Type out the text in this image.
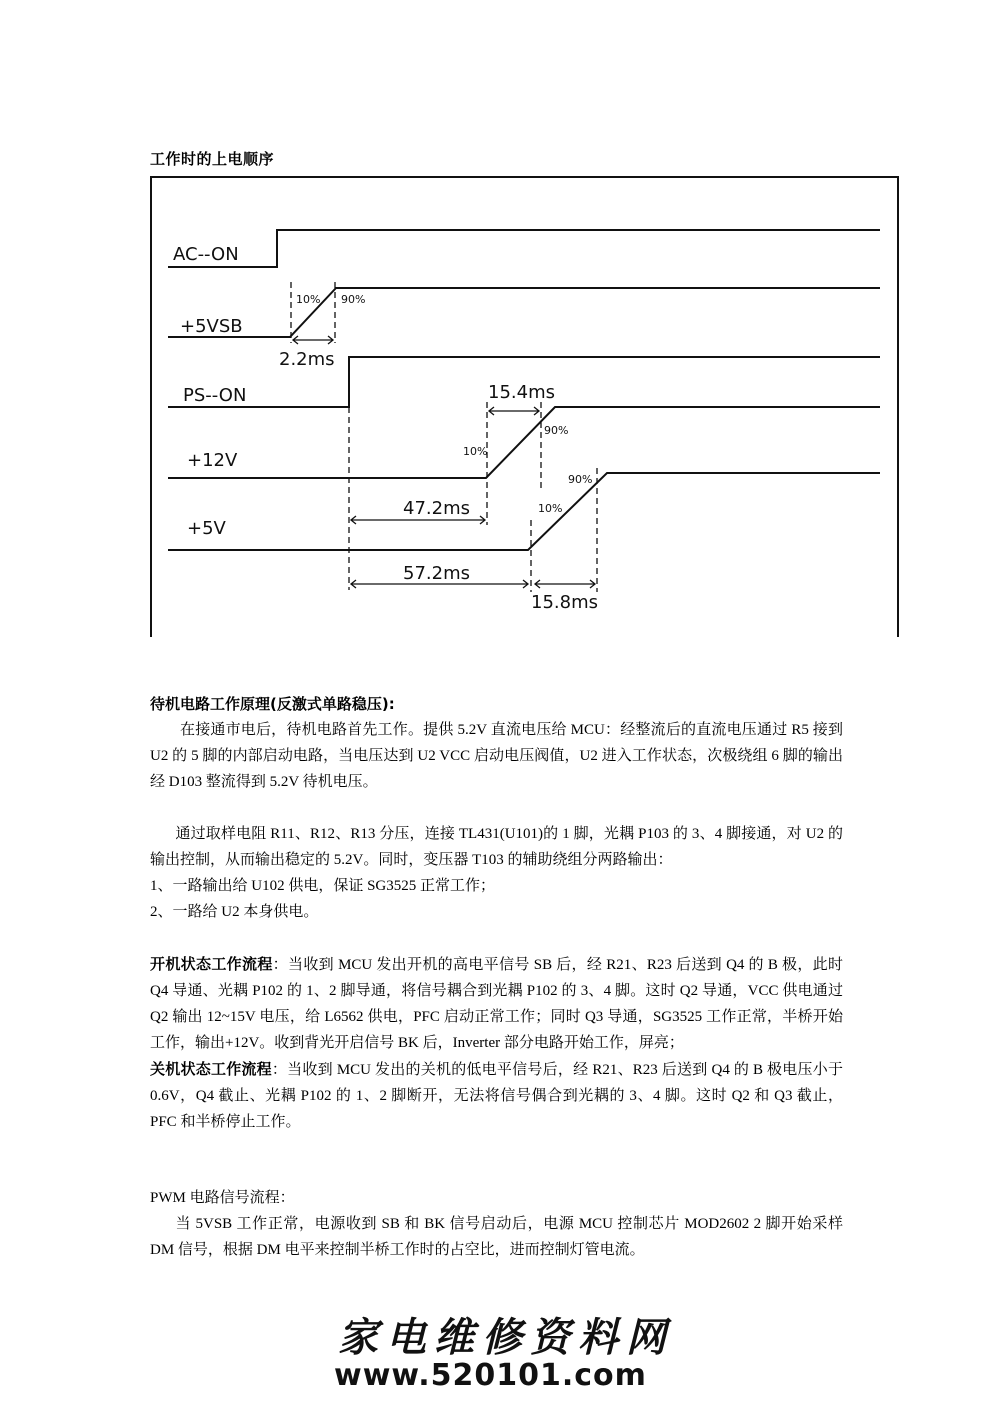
工作时的上电顺序
AC--ON
+5VSB
10% 90%
2.2ms
PS--ON
+12V	10%
90%
15.4ms
47.2ms
+5V
10%
90%
57.2ms
15.8ms

待机电路工作原理(反激式单路稳压):

在接通市电后，待机电路首先工作。提供 5.2V 直流电压给 MCU：经整流后的直流电压通过 R5 接到 U2 的 5 脚的内部启动电路，当电压达到 U2 VCC 启动电压阀值，U2 进入工作状态，次极绕组 6 脚的输出经 D103 整流得到 5.2V 待机电压。

通过取样电阻 R11、R12、R13 分压，连接 TL431(U101)的 1 脚，光耦 P103 的 3、4 脚接通，对 U2 的输出控制，从而输出稳定的 5.2V。同时，变压器 T103 的辅助绕组分两路输出：

1、一路输出给 U102 供电，保证 SG3525 正常工作；

2、一路给 U2 本身供电。

开机状态工作流程：当收到 MCU 发出开机的高电平信号 SB 后，经 R21、R23 后送到 Q4 的 B 极，此时 Q4 导通、光耦 P102 的 1、2 脚导通，将信号耦合到光耦 P102 的 3、4 脚。这时 Q2 导通，VCC 供电通过 Q2 输出 12~15V 电压，给 L6562 供电，PFC 启动正常工作；同时 Q3 导通，SG3525 工作正常，半桥开始工作，输出+12V。收到背光开启信号 BK 后，Inverter 部分电路开始工作，屏亮；

关机状态工作流程：当收到 MCU 发出的关机的低电平信号后，经 R21、R23 后送到 Q4 的 B 极电压小于 0.6V，Q4 截止、光耦 P102 的 1、2 脚断开，无法将信号偶合到光耦的 3、4 脚。这时 Q2 和 Q3 截止，PFC 和半桥停止工作。

PWM 电路信号流程：

当 5VSB 工作正常，电源收到 SB 和 BK 信号启动后，电源 MCU 控制芯片 MOD2602 2 脚开始采样 DM 信号，根据 DM 电平来控制半桥工作时的占空比，进而控制灯管电流。

家电维修资料网
www.520101.com
